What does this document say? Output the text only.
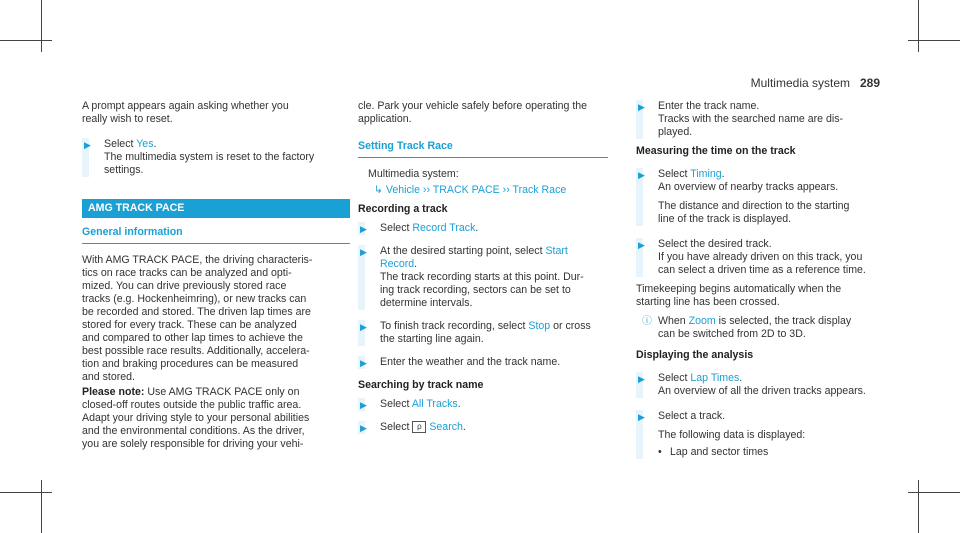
Multimedia system 289
A prompt appears again asking whether you
really wish to reset.
▶ Select Yes.
The multimedia system is reset to the factory
settings.
AMG TRACK PACE
General information
With AMG TRACK PACE, the driving characteris-
tics on race tracks can be analyzed and opti-
mized. You can drive previously stored race
tracks (e.g. Hockenheimring), or new tracks can
be recorded and stored. The driven lap times are
stored for every track. These can be analyzed
and compared to other lap times to achieve the
best possible race results. Additionally, accelera-
tion and braking procedures can be measured
and stored.
Please note: Use AMG TRACK PACE only on
closed-off routes outside the public traffic area.
Adapt your driving style to your personal abilities
and the environmental conditions. As the driver,
you are solely responsible for driving your vehi-
cle. Park your vehicle safely before operating the
application.
Setting Track Race
Multimedia system:
↳ Vehicle ›› TRACK PACE ›› Track Race
Recording a track
▶ Select Record Track.
▶ At the desired starting point, select Start
Record.
The track recording starts at this point. Dur-
ing track recording, sectors can be set to
determine intervals.
▶ To finish track recording, select Stop or cross
the starting line again.
▶ Enter the weather and the track name.
Searching by track name
▶ Select All Tracks.
▶ Select ρ Search.
▶ Enter the track name.
Tracks with the searched name are dis-
played.
Measuring the time on the track
▶ Select Timing.
An overview of nearby tracks appears.
The distance and direction to the starting
line of the track is displayed.
▶ Select the desired track.
If you have already driven on this track, you
can select a driven time as a reference time.
Timekeeping begins automatically when the
starting line has been crossed.
ⓘ When Zoom is selected, the track display
can be switched from 2D to 3D.
Displaying the analysis
▶ Select Lap Times.
An overview of all the driven tracks appears.
▶ Select a track.
The following data is displayed:
• Lap and sector times
